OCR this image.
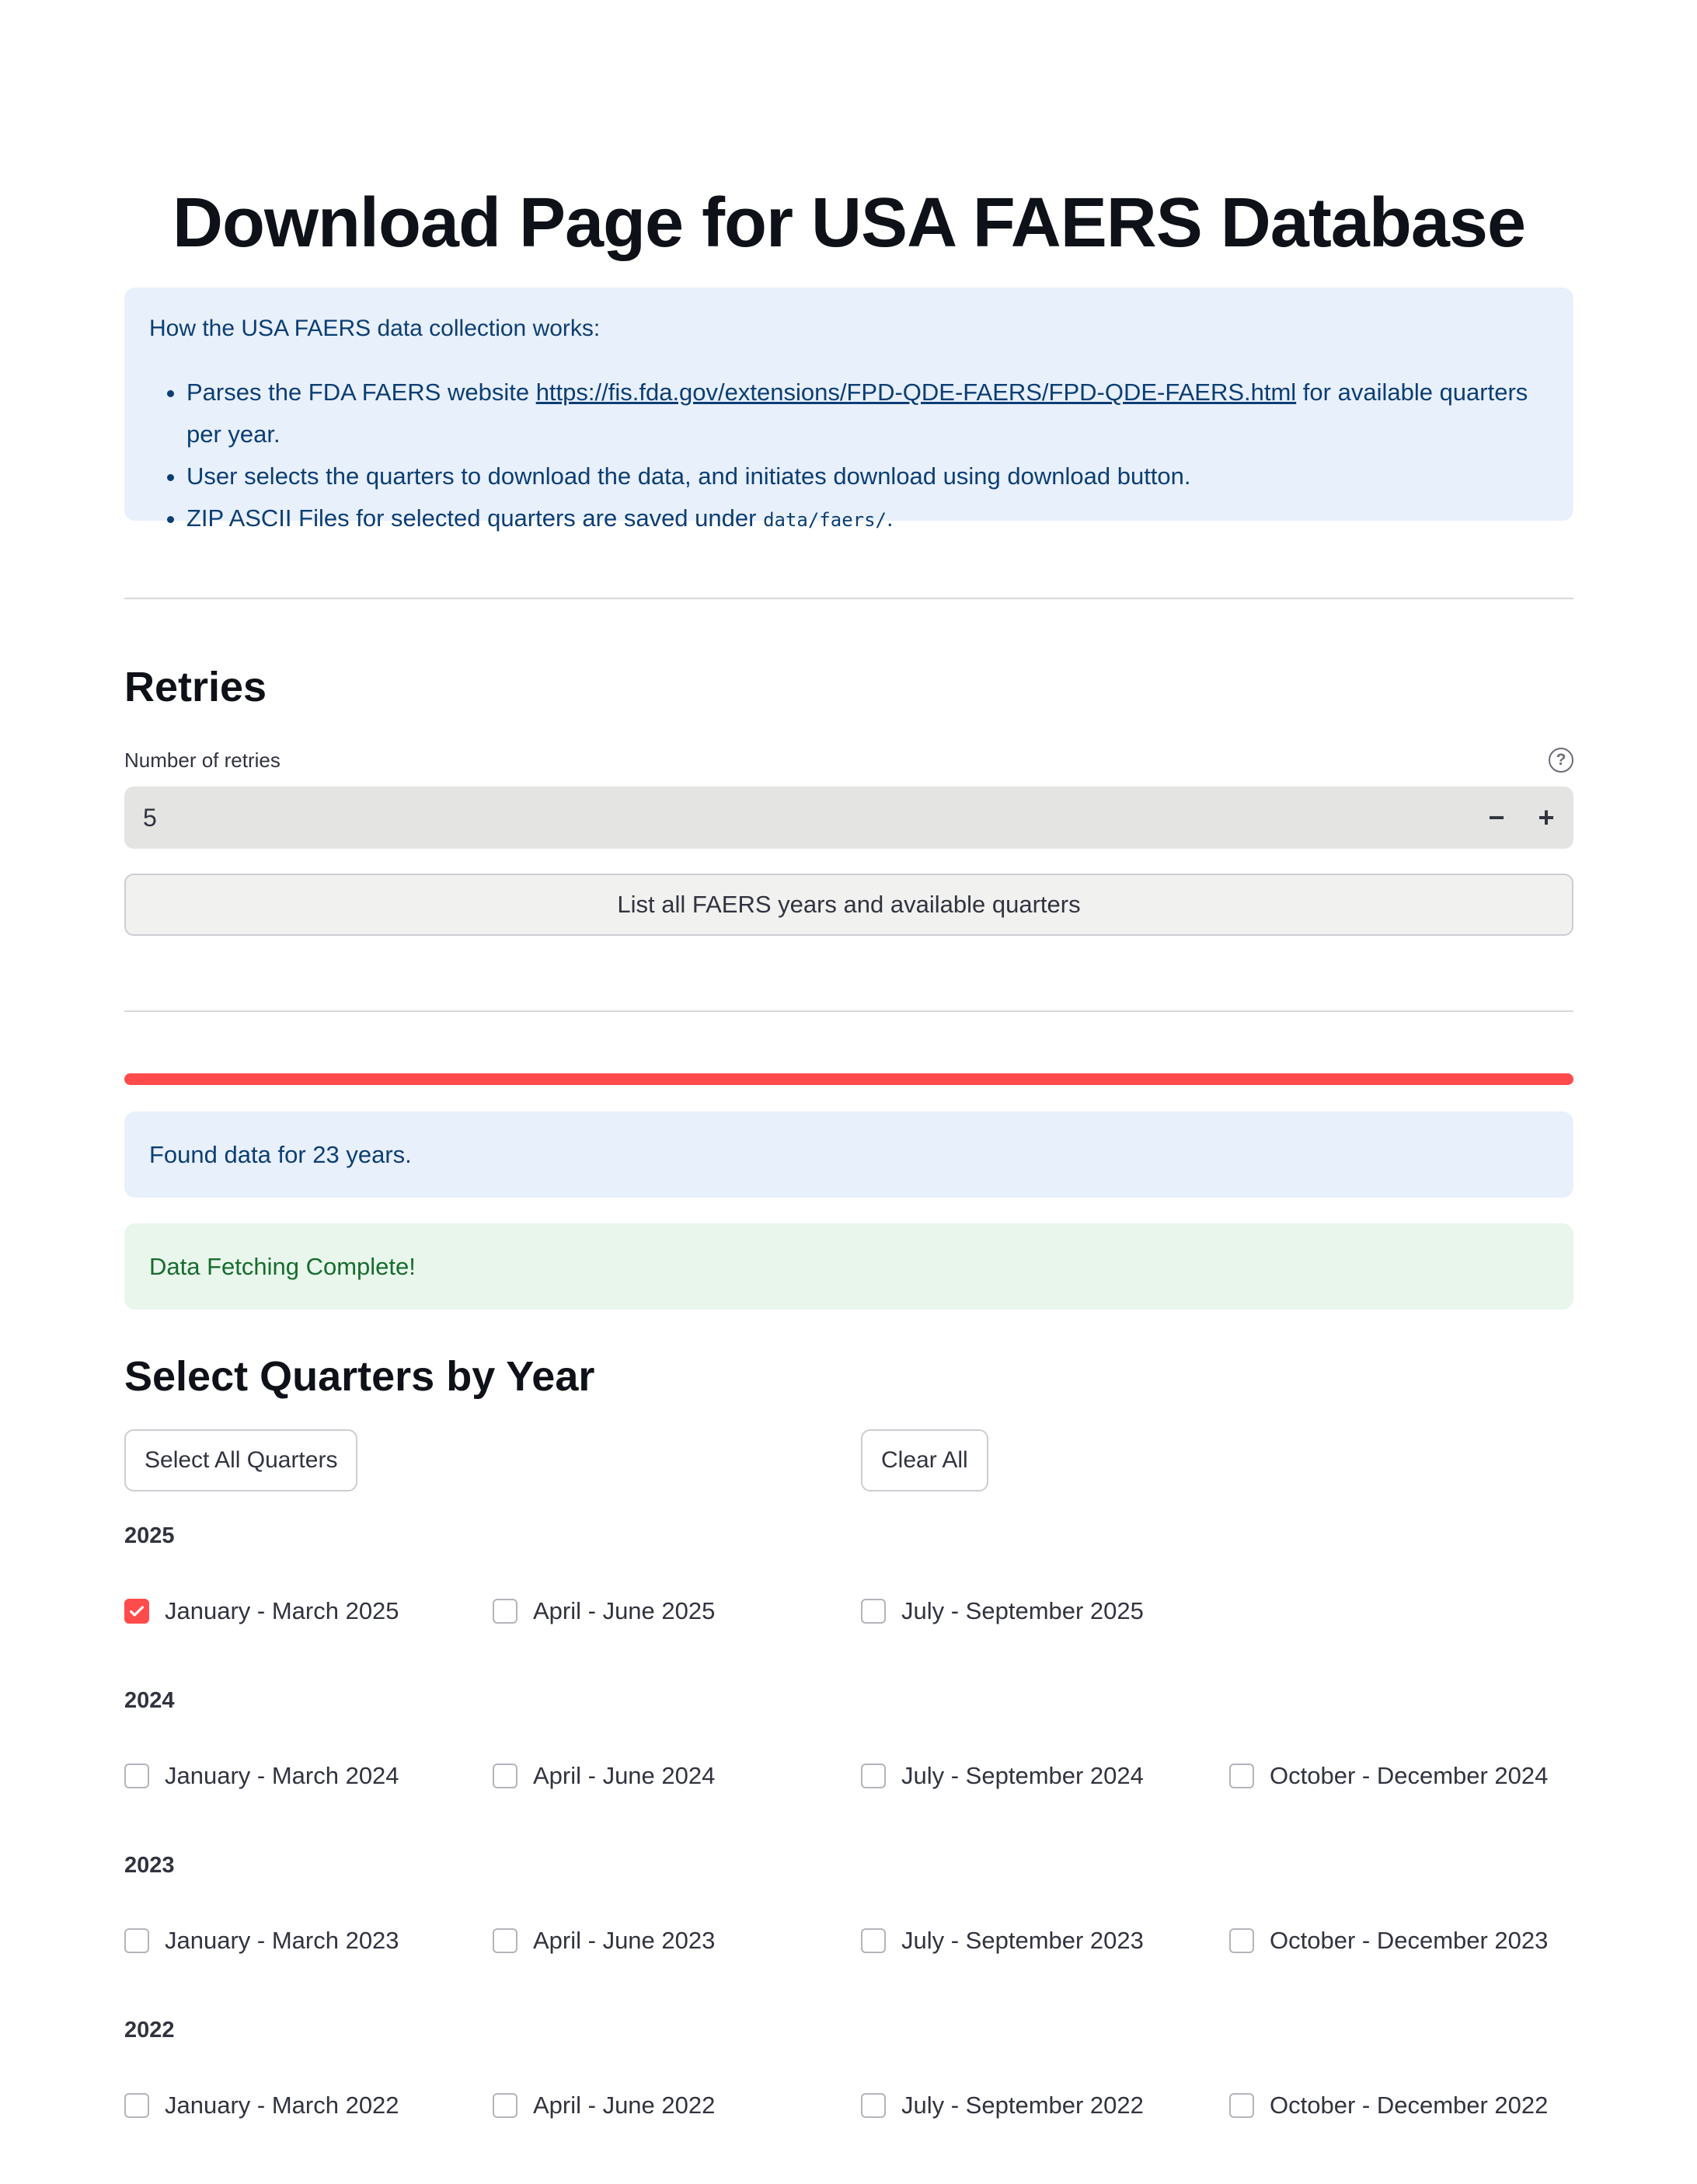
Download Page for USA FAERS Database
How the USA FAERS data collection works:
• Parses the FDA FAERS website https://fis.fda.gov/extensions/FPD-QDE-FAERS/FPD-QDE-FAERS.html for available quarters per year.
• User selects the quarters to download the data, and initiates download using download button.
• ZIP ASCII Files for selected quarters are saved under data/faers/.
Retries
Number of retries	?
5	−	+
List all FAERS years and available quarters
Found data for 23 years.
Data Fetching Complete!
Select Quarters by Year
Select All Quarters	Clear All
2025
January - March 2025	April - June 2025	July - September 2025
2024
January - March 2024	April - June 2024	July - September 2024	October - December 2024
2023
January - March 2023	April - June 2023	July - September 2023	October - December 2023
2022
January - March 2022	April - June 2022	July - September 2022	October - December 2022
